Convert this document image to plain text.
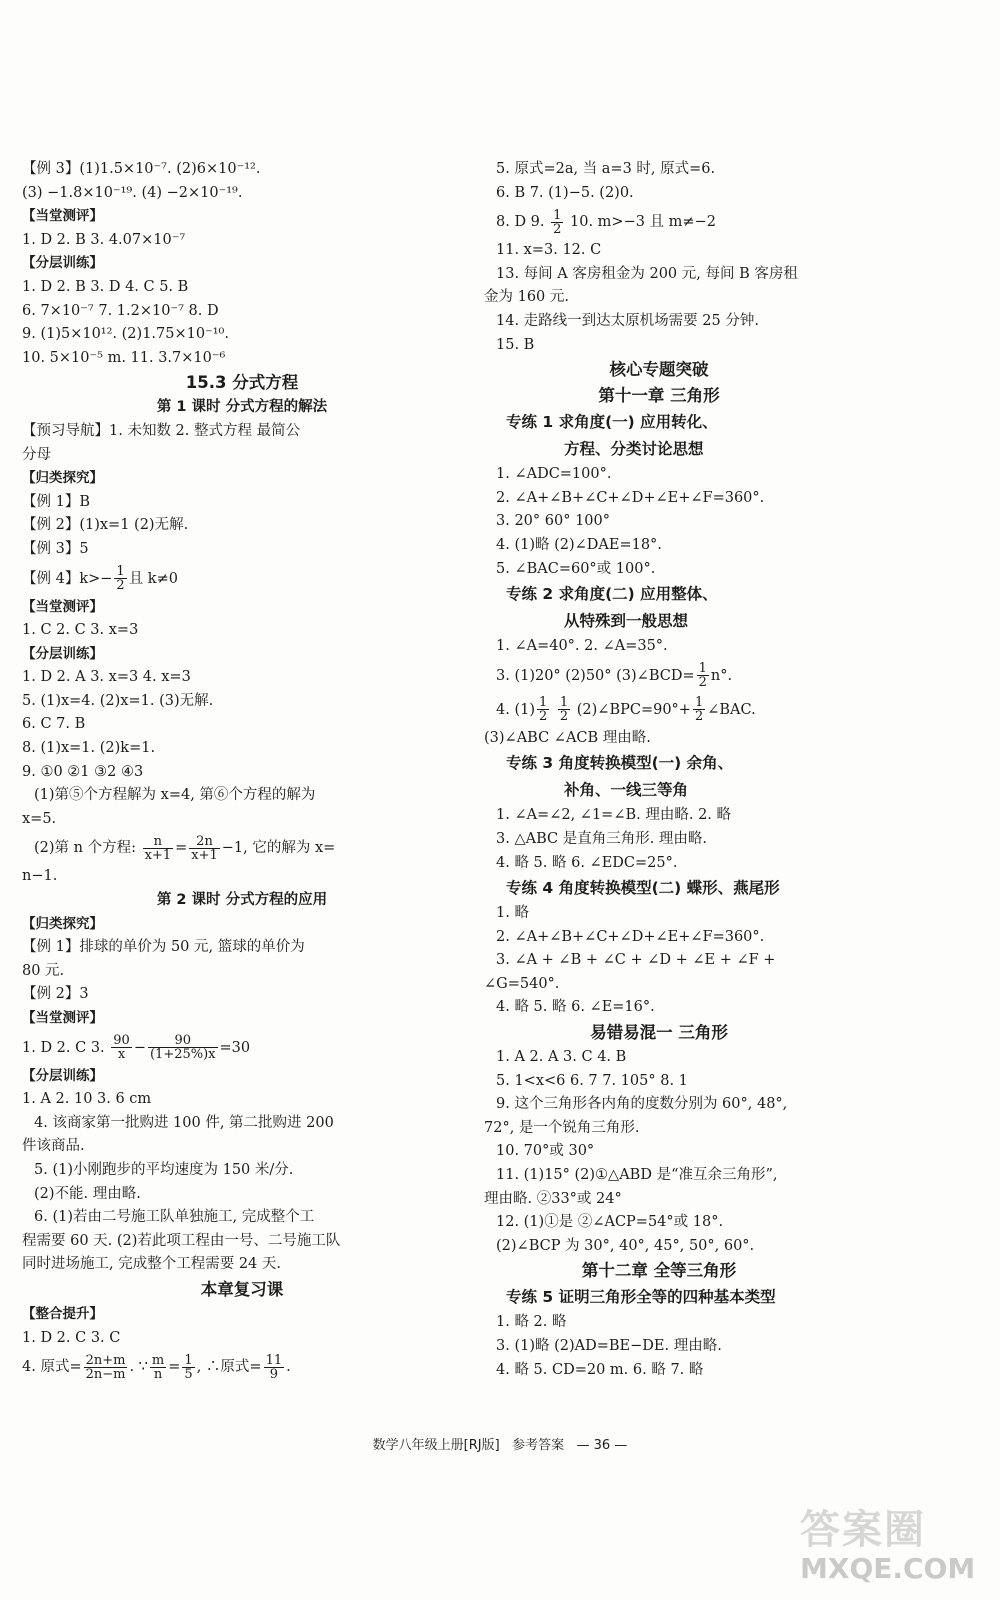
【例 3】(1)1.5×10⁻⁷. (2)6×10⁻¹².
(3) −1.8×10⁻¹⁹. (4) −2×10⁻¹⁹.
【当堂测评】
1. D 2. B 3. 4.07×10⁻⁷
【分层训练】
1. D 2. B 3. D 4. C 5. B
6. 7×10⁻⁷ 7. 1.2×10⁻⁷ 8. D
9. (1)5×10¹². (2)1.75×10⁻¹⁰.
10. 5×10⁻⁵ m. 11. 3.7×10⁻⁶
15.3 分式方程
第 1 课时 分式方程的解法
【预习导航】1. 未知数 2. 整式方程 最简公
分母
【归类探究】
【例 1】B
【例 2】(1)x=1 (2)无解.
【例 3】5
【例 4】$k>- \frac{1}{2}$ 且 k≠0
【当堂测评】
1. C 2. C 3. x=3
【分层训练】
1. D 2. A 3. x=3 4. x=3
5. (1)x=4. (2)x=1. (3)无解.
6. C 7. B
8. (1)x=1. (2)k=1.
9. ①0 ②1 ③2 ④3
(1)第⑤个方程解为 x=4, 第⑥个方程的解为
x=5.
(2)第 n 个方程: $\frac{n}{x+1} = \frac{2n}{x+1} -1$, 它的解为 x=
n−1.
第 2 课时 分式方程的应用
【归类探究】
【例 1】排球的单价为 50 元, 篮球的单价为
80 元.
【例 2】3
【当堂测评】
1. D 2. C 3. $\frac{90}{x} - \frac{90}{(1+25\%)x} =30$
【分层训练】
1. A 2. 10 3. 6 cm
4. 该商家第一批购进 100 件, 第二批购进 200
件该商品.
5. (1)小刚跑步的平均速度为 150 米/分.
(2)不能. 理由略.
6. (1)若由二号施工队单独施工, 完成整个工
程需要 60 天. (2)若此项工程由一号、二号施工队
同时进场施工, 完成整个工程需要 24 天.
本章复习课
【整合提升】
1. D 2. C 3. C
4. 原式= $\frac{2n+m}{2n-m}$ . ∵ $\frac{m}{n} = \frac{1}{5}$ , ∴原式= $\frac{11}{9}$ .
5. 原式=2a, 当 a=3 时, 原式=6.
6. B 7. (1)−5. (2)0.
8. D 9. $\frac{1}{2} 10$. m>−3 且 m≠−2
11. x=3. 12. C
13. 每间 A 客房租金为 200 元, 每间 B 客房租
金为 160 元.
14. 走路线一到达太原机场需要 25 分钟.
15. B
核心专题突破
第十一章 三角形
专练 1 求角度(一) 应用转化、
方程、分类讨论思想
1. ∠ADC=100°.
2. ∠A+∠B+∠C+∠D+∠E+∠F=360°.
3. 20° 60° 100°
4. (1)略 (2)∠DAE=18°.
5. ∠BAC=60°或 100°.
专练 2 求角度(二) 应用整体、
从特殊到一般思想
1. ∠A=40°. 2. ∠A=35°.
3. (1)20° (2)50° (3)∠BCD= $\frac{1}{2} n^\circ$.
4. $(1) \frac{1}{2}$
$\frac{1}{2}$ (2)∠BPC=90°+ $\frac{1}{2}$ ∠BAC.
(3)∠ABC ∠ACB 理由略.
专练 3 角度转换模型(一) 余角、
补角、一线三等角
1. ∠A=∠2, ∠1=∠B. 理由略. 2. 略
3. △ABC 是直角三角形. 理由略.
4. 略 5. 略 6. ∠EDC=25°.
专练 4 角度转换模型(二) 蝶形、燕尾形
1. 略
2. ∠A+∠B+∠C+∠D+∠E+∠F=360°.
3. ∠A + ∠B + ∠C + ∠D + ∠E + ∠F +
∠G=540°.
4. 略 5. 略 6. ∠E=16°.
易错易混一 三角形
1. A 2. A 3. C 4. B
5. 1<x<6 6. 7 7. 105° 8. 1
9. 这个三角形各内角的度数分别为 60°, 48°,
72°, 是一个锐角三角形.
10. 70°或 30°
11. (1)15° (2)①△ABD 是“准互余三角形”,
理由略. ②33°或 24°
12. (1)①是 ②∠ACP=54°或 18°.
(2)∠BCP 为 30°, 40°, 45°, 50°, 60°.
第十二章 全等三角形
专练 5 证明三角形全等的四种基本类型
1. 略 2. 略
3. (1)略 (2)AD=BE−DE. 理由略.
4. 略 5. CD=20 m. 6. 略 7. 略
数学八年级上册[RJ版] 参考答案 — 36 —
答案圈
MXQE.COM
